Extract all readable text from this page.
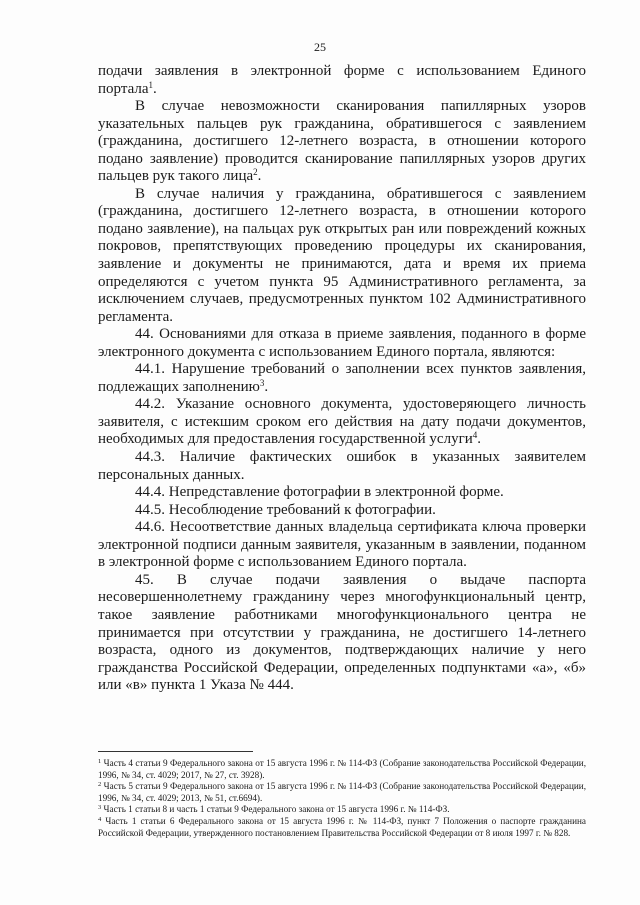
25

подачи заявления в электронной форме с использованием Единого портала$^1$.

В случае невозможности сканирования папиллярных узоров указательных пальцев рук гражданина, обратившегося с заявлением (гражданина, достигшего 12-летнего возраста, в отношении которого подано заявление) проводится сканирование папиллярных узоров других пальцев рук такого лица$^2$.

В случае наличия у гражданина, обратившегося с заявлением (гражданина, достигшего 12-летнего возраста, в отношении которого подано заявление), на пальцах рук открытых ран или повреждений кожных покровов, препятствующих проведению процедуры их сканирования, заявление и документы не принимаются, дата и время их приема определяются с учетом пункта 95 Административного регламента, за исключением случаев, предусмотренных пунктом 102 Административного регламента.

44. Основаниями для отказа в приеме заявления, поданного в форме электронного документа с использованием Единого портала, являются:

44.1. Нарушение требований о заполнении всех пунктов заявления, подлежащих заполнению$^3$.

44.2. Указание основного документа, удостоверяющего личность заявителя, с истекшим сроком его действия на дату подачи документов, необходимых для предоставления государственной услуги$^4$.

44.3. Наличие фактических ошибок в указанных заявителем персональных данных.

44.4. Непредставление фотографии в электронной форме.

44.5. Несоблюдение требований к фотографии.

44.6. Несоответствие данных владельца сертификата ключа проверки электронной подписи данным заявителя, указанным в заявлении, поданном в электронной форме с использованием Единого портала.

45. В случае подачи заявления о выдаче паспорта несовершеннолетнему гражданину через многофункциональный центр, такое заявление работниками многофункционального центра не принимается при отсутствии у гражданина, не достигшего 14-летнего возраста, одного из документов, подтверждающих наличие у него гражданства Российской Федерации, определенных подпунктами «а», «б» или «в» пункта 1 Указа № 444.

$^1$ Часть 4 статьи 9 Федерального закона от 15 августа 1996 г. № 114-ФЗ (Собрание законодательства Российской Федерации, 1996, № 34, ст. 4029; 2017, № 27, ст. 3928).

$^2$ Часть 5 статьи 9 Федерального закона от 15 августа 1996 г. № 114-ФЗ (Собрание законодательства Российской Федерации, 1996, № 34, ст. 4029; 2013, № 51, ст.6694).

$^3$ Часть 1 статьи 8 и часть 1 статьи 9 Федерального закона от 15 августа 1996 г. № 114-ФЗ.

$^4$ Часть 1 статьи 6 Федерального закона от 15 августа 1996 г. № 114-ФЗ, пункт 7 Положения о паспорте гражданина Российской Федерации, утвержденного постановлением Правительства Российской Федерации от 8 июля 1997 г. № 828.
